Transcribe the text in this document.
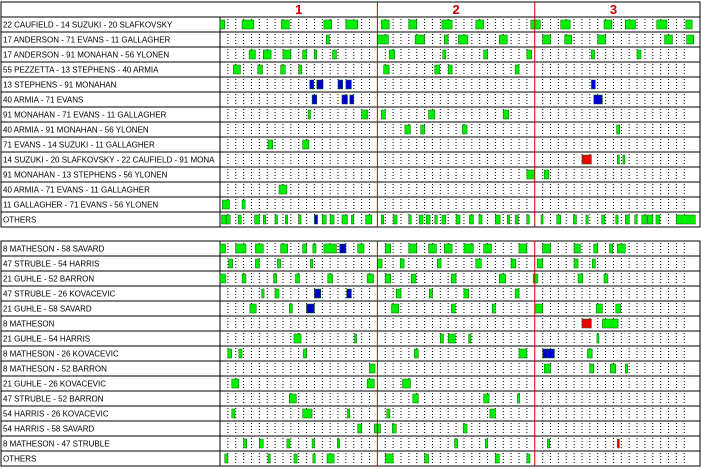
1	2	3
22 CAUFIELD - 14 SUZUKI - 20 SLAFKOVSKY
17 ANDERSON - 71 EVANS - 11 GALLAGHER
17 ANDERSON - 91 MONAHAN - 56 YLONEN
55 PEZZETTA - 13 STEPHENS - 40 ARMIA
13 STEPHENS - 91 MONAHAN
40 ARMIA - 71 EVANS
91 MONAHAN - 71 EVANS - 11 GALLAGHER
40 ARMIA - 91 MONAHAN - 56 YLONEN
71 EVANS - 14 SUZUKI - 11 GALLAGHER
14 SUZUKI - 20 SLAFKOVSKY - 22 CAUFIELD - 91 MONA
91 MONAHAN - 13 STEPHENS - 56 YLONEN
40 ARMIA - 71 EVANS - 11 GALLAGHER
11 GALLAGHER - 71 EVANS - 56 YLONEN
OTHERS
8 MATHESON - 58 SAVARD
47 STRUBLE - 54 HARRIS
21 GUHLE - 52 BARRON
47 STRUBLE - 26 KOVACEVIC
21 GUHLE - 58 SAVARD
8 MATHESON
21 GUHLE - 54 HARRIS
8 MATHESON - 26 KOVACEVIC
8 MATHESON - 52 BARRON
21 GUHLE - 26 KOVACEVIC
47 STRUBLE - 52 BARRON
54 HARRIS - 26 KOVACEVIC
54 HARRIS - 58 SAVARD
8 MATHESON - 47 STRUBLE
OTHERS
